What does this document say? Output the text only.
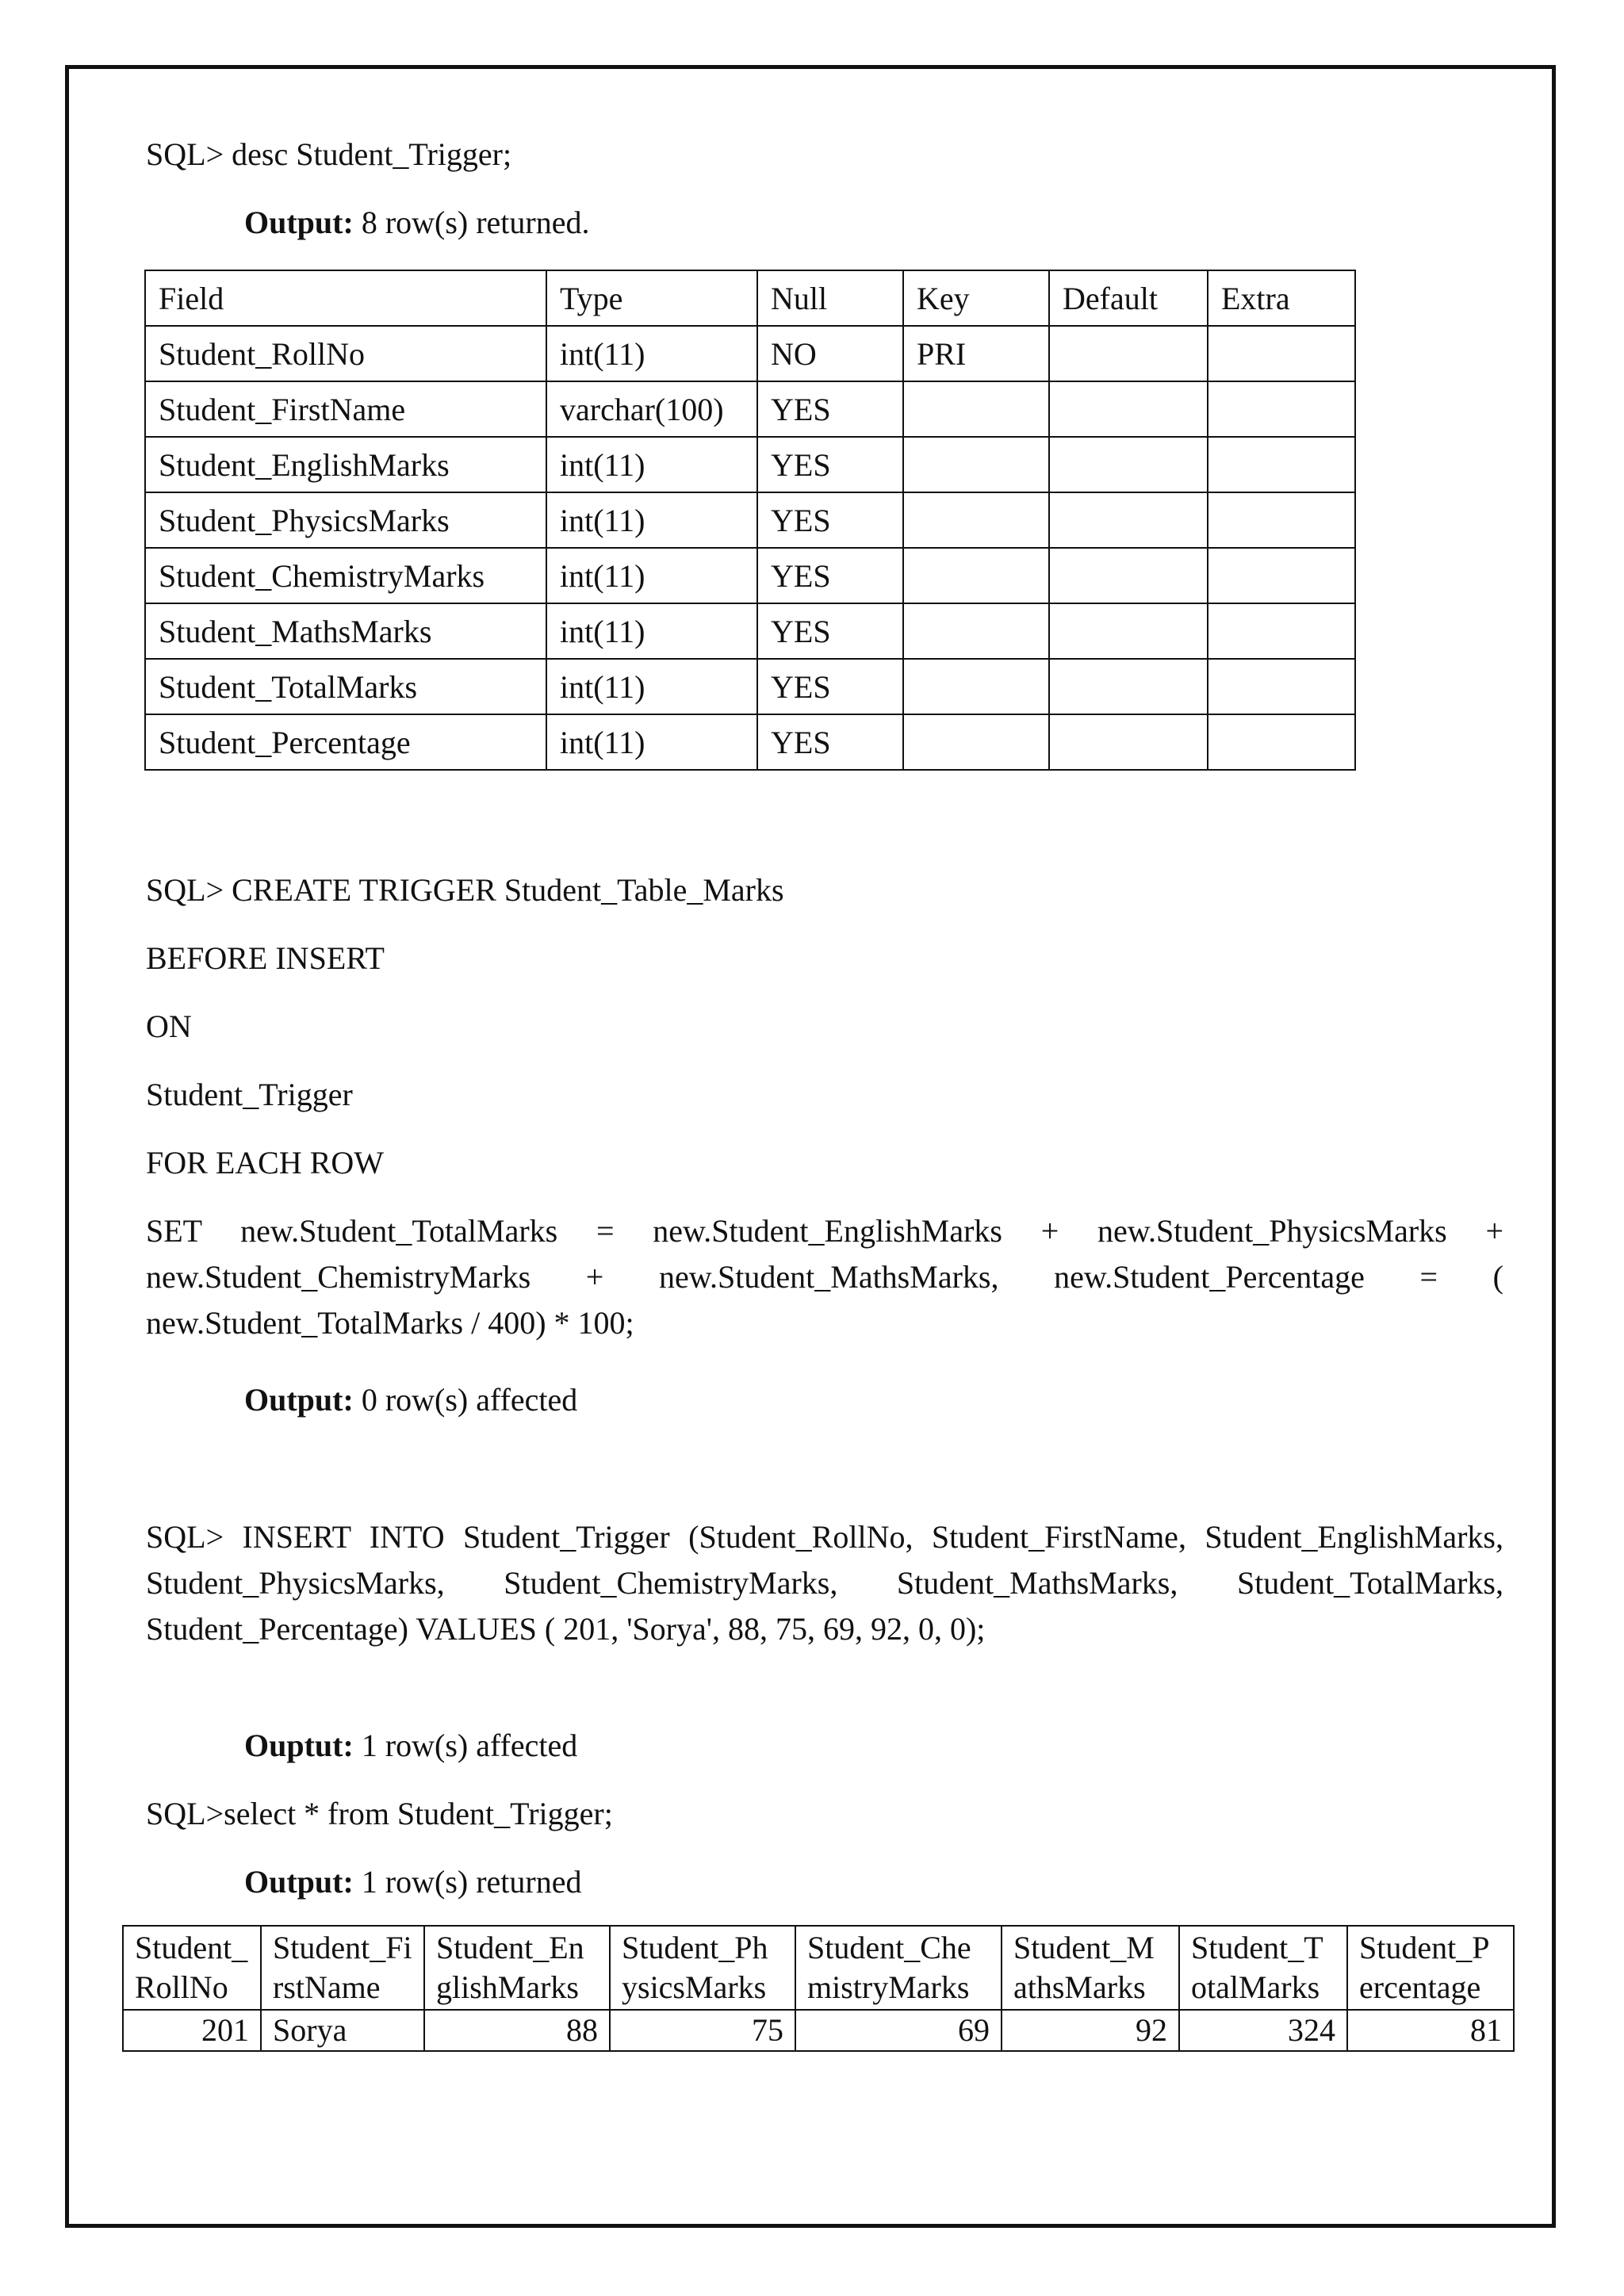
SQL> desc Student_Trigger;
Output: 8 row(s) returned.
Field	Type	Null	Key	Default	Extra
Student_RollNo	int(11)	NO	PRI		
Student_FirstName	varchar(100)	YES			
Student_EnglishMarks	int(11)	YES			
Student_PhysicsMarks	int(11)	YES			
Student_ChemistryMarks	int(11)	YES			
Student_MathsMarks	int(11)	YES			
Student_TotalMarks	int(11)	YES			
Student_Percentage	int(11)	YES			
SQL> CREATE TRIGGER Student_Table_Marks
BEFORE INSERT
ON
Student_Trigger
FOR EACH ROW
SET new.Student_TotalMarks = new.Student_EnglishMarks + new.Student_PhysicsMarks + new.Student_ChemistryMarks + new.Student_MathsMarks, new.Student_Percentage = ( new.Student_TotalMarks / 400) * 100;
Output: 0 row(s) affected
SQL> INSERT INTO Student_Trigger (Student_RollNo, Student_FirstName, Student_EnglishMarks, Student_PhysicsMarks, Student_ChemistryMarks, Student_MathsMarks, Student_TotalMarks, Student_Percentage) VALUES ( 201, 'Sorya', 88, 75, 69, 92, 0, 0);
Ouptut: 1 row(s) affected
SQL>select * from Student_Trigger;
Output: 1 row(s) returned
Student_RollNo	Student_FirstName	Student_EnglishMarks	Student_PhysicsMarks	Student_ChemistryMarks	Student_MathsMarks	Student_TotalMarks	Student_Percentage
201	Sorya	88	75	69	92	324	81
